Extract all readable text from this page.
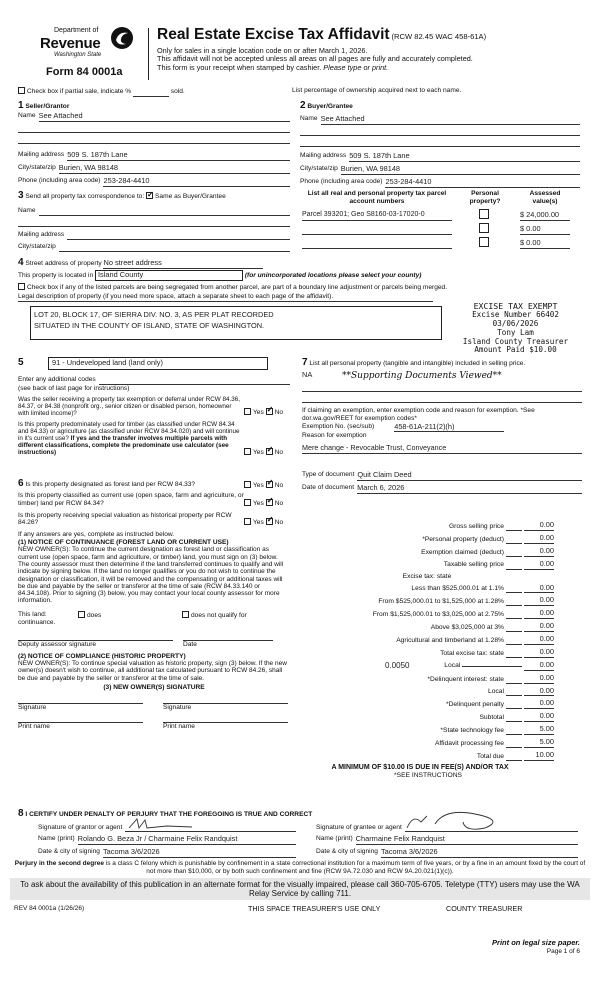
Department of
Revenue
Washington State
Form 84 0001a
Real Estate Excise Tax Affidavit (RCW 82.45 WAC 458-61A)
Only for sales in a single location code on or after March 1, 2026.
This affidavit will not be accepted unless all areas on all pages are fully and accurately completed.
This form is your receipt when stamped by cashier. Please type or print.
Check box if partial sale, indicate %	sold.	List percentage of ownership acquired next to each name.
1 Seller/Grantor
Name See Attached
Mailing address 509 S. 187th Lane
City/state/zip Burien, WA 98148
Phone (including area code) 253-284-4410
2 Buyer/Grantee
Name See Attached
Mailing address 509 S. 187th Lane
City/state/zip Burien, WA 98148
Phone (including area code) 253-284-4410
3 Send all property tax correspondence to: ✓ Same as Buyer/Grantee
Name

Mailing address

City/state/zip

List all real and personal property tax parcel account numbers
Personal property?
Assessed value(s)
Parcel 393201; Geo S8160-03-17020-0	$ 24,000.00

$ 0.00

$ 0.00
4 Street address of property No street address
This property is located in Island County	(for unincorporated locations please select your county)
Check box if any of the listed parcels are being segregated from another parcel, are part of a boundary line adjustment or parcels being merged.
Legal description of property (if you need more space, attach a separate sheet to each page of the affidavit).
LOT 20, BLOCK 17, OF SIERRA DIV. NO. 3, AS PER PLAT RECORDED
SITUATED IN THE COUNTY OF ISLAND, STATE OF WASHINGTON.
EXCISE TAX EXEMPT
Excise Number 66402
03/06/2026
Tony Lam
Island County Treasurer
Amount Paid $10.00
5	91 - Undeveloped land (land only)
Enter any additional codes

(see back of last page for instructions)
Was the seller receiving a property tax exemption or deferral under RCW 84.36, 84.37, or 84.38 (nonprofit org., senior citizen or disabled person, homeowner with limited income)?	Yes ✓ No
Is this property predominately used for timber (as classified under RCW 84.34 and 84.33) or agriculture (as classified under RCW 84.34.020) and will continue in it's current use? If yes and the transfer involves multiple parcels with different classifications, complete the predominate use calculator (see instructions)	Yes ✓ No
6 Is this property designated as forest land per RCW 84.33?	Yes ✓ No
Is this property classified as current use (open space, farm and agriculture, or timber) land per RCW 84.34?	Yes ✓ No
Is this property receiving special valuation as historical property per RCW 84.26?	Yes ✓ No
If any answers are yes, complete as instructed below.
(1) NOTICE OF CONTINUANCE (FOREST LAND OR CURRENT USE)
NEW OWNER(S): To continue the current designation as forest land or classification as current use (open space, farm and agriculture, or timber) land, you must sign on (3) below. The county assessor must then determine if the land transferred continues to qualify and will indicate by signing below. If the land no longer qualifies or you do not wish to continue the designation or classification, it will be removed and the compensating or additional taxes will be due and payable by the seller or transferor at the time of sale (RCW 84.33.140 or 84.34.108). Prior to signing (3) below, you may contact your local county assessor for more information.
This land:	does	does not qualify for
continuance.
Deputy assessor signature	Date
(2) NOTICE OF COMPLIANCE (HISTORIC PROPERTY)
NEW OWNER(S): To continue special valuation as historic property, sign (3) below. If the new owner(s) doesn't wish to continue, all additional tax calculated pursuant to RCW 84.26, shall be due and payable by the seller or transferor at the time of sale.
(3) NEW OWNER(S) SIGNATURE
Signature	Signature
Print name	Print name
7 List all personal property (tangible and intangible) included in selling price.
NA	**Supporting Documents Viewed**
If claiming an exemption, enter exemption code and reason for exemption. *See dor.wa.gov/REET for exemption codes*
Exemption No. (sec/sub)	458-61A-211(2)(h)
Reason for exemption
Mere change - Revocable Trust, Conveyance
Type of document Quit Claim Deed
Date of document March 6, 2026
Gross selling price	0.00
*Personal property (deduct)	0.00
Exemption claimed (deduct)	0.00
Taxable selling price	0.00
Excise tax: state
Less than $525,000.01 at 1.1%	0.00
From $525,000.01 to $1,525,000 at 1.28%	0.00
From $1,525,000.01 to $3,025,000 at 2.75%	0.00
Above $3,025,000 at 3%	0.00
Agricultural and timberland at 1.28%	0.00
Total excise tax: state	0.00
0.0050	Local	0.00
*Delinquent interest: state	0.00
Local	0.00
*Delinquent penalty	0.00
Subtotal	0.00
*State technology fee	5.00
Affidavit processing fee	5.00
Total due	10.00
A MINIMUM OF $10.00 IS DUE IN FEE(S) AND/OR TAX
*SEE INSTRUCTIONS
8 I CERTIFY UNDER PENALTY OF PERJURY THAT THE FOREGOING IS TRUE AND CORRECT
Signature of grantor or agent
Name (print) Rolando G. Beza Jr / Charmaine Felix Randquist
Date & city of signing Tacoma 3/6/2026
Signature of grantee or agent
Name (print) Charmaine Felix Randquist
Date & city of signing Tacoma 3/6/2026
Perjury in the second degree is a class C felony which is punishable by confinement in a state correctional institution for a maximum term of five years, or by a fine in an amount fixed by the court of not more than $10,000, or by both such confinement and fine (RCW 9A.72.030 and RCW 9A.20.021(1)(c)).
To ask about the availability of this publication in an alternate format for the visually impaired, please call 360-705-6705. Teletype (TTY) users may use the WA Relay Service by calling 711.
REV 84 0001a (1/26/26)	THIS SPACE TREASURER'S USE ONLY	COUNTY TREASURER
Print on legal size paper.
Page 1 of 6
